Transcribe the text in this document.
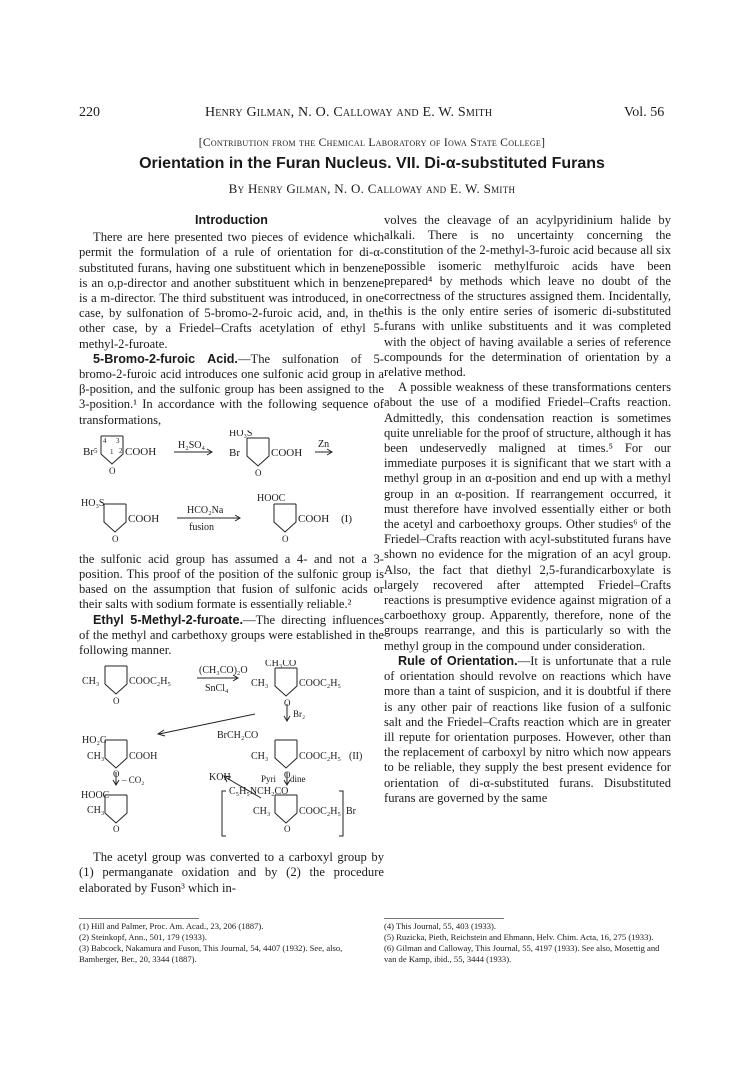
220	Henry Gilman, N. O. Calloway and E. W. Smith	Vol. 56
[Contribution from the Chemical Laboratory of Iowa State College]
Orientation in the Furan Nucleus. VII. Di-α-substituted Furans
By Henry Gilman, N. O. Calloway and E. W. Smith
Introduction

There are here presented two pieces of evidence which permit the formulation of a rule of orientation for di-α-substituted furans, having one substituent which in benzene is an o,p-director and another substituent which in benzene is a m-director. The third substituent was introduced, in one case, by sulfonation of 5-bromo-2-furoic acid, and, in the other case, by a Friedel–Crafts acetylation of ethyl 5-methyl-2-furoate.

5-Bromo-2-furoic Acid.—The sulfonation of 5-bromo-2-furoic acid introduces one sulfonic acid group in a β-position, and the sulfonic group has been assigned to the 3-position.¹ In accordance with the following sequence of transformations,

4 3
5 1 2
Br	COOH
O
H₂SO₄
HO₃S
Br	COOH
O
Zn
HO₃S
COOH
O
HCO₂Na
fusion
HOOC
COOH
O
(I)

the sulfonic acid group has assumed a 4- and not a 3-position. This proof of the position of the sulfonic group is based on the assumption that fusion of sulfonic acids or their salts with sodium formate is essentially reliable.²

Ethyl 5-Methyl-2-furoate.—The directing influences of the methyl and carbethoxy groups were established in the following manner.

CH₃	COOC₂H₅
O
(CH₃CO)₂O
SnCl₄
CH₃CO
CH₃	COOC₂H₅
O
Br₂
HO₂C
CH₃ COOH
O
BrCH₂CO
CH₃	COOC₂H₅ (II)
O
– CO₂	KOH	Pyri dine
C₅H₅NCH₂CO
HOOC
CH₃
O
CH₃	COOC₂H₅ Br
O

The acetyl group was converted to a carboxyl group by (1) permanganate oxidation and by (2) the procedure elaborated by Fuson³ which in-

volves the cleavage of an acylpyridinium halide by alkali. There is no uncertainty concerning the constitution of the 2-methyl-3-furoic acid because all six possible isomeric methylfuroic acids have been prepared⁴ by methods which leave no doubt of the correctness of the structures assigned them. Incidentally, this is the only entire series of isomeric di-substituted furans with unlike substituents and it was completed with the object of having available a series of reference compounds for the determination of orientation by a relative method.

A possible weakness of these transformations centers about the use of a modified Friedel–Crafts reaction. Admittedly, this condensation reaction is sometimes quite unreliable for the proof of structure, although it has been undeservedly maligned at times.⁵ For our immediate purposes it is significant that we start with a methyl group in an α-position and end up with a methyl group in an α-position. If rearrangement occurred, it must therefore have involved essentially either or both the acetyl and carboethoxy groups. Other studies⁶ of the Friedel–Crafts reaction with acyl-substituted furans have shown no evidence for the migration of an acyl group. Also, the fact that diethyl 2,5-furandicarboxylate is largely recovered after attempted Friedel–Crafts reactions is presumptive evidence against migration of a carboethoxy group. Apparently, therefore, none of the groups rearrange, and this is particularly so with the methyl group in the compound under consideration.

Rule of Orientation.—It is unfortunate that a rule of orientation should revolve on reactions which have more than a taint of suspicion, and it is doubtful if there is any other pair of reactions like fusion of a sulfonic salt and the Friedel–Crafts reaction which are in greater ill repute for orientation purposes. However, other than the replacement of carboxyl by nitro which now appears to be reliable, they supply the best present evidence for orientation of di-α-substituted furans. Disubstituted furans are governed by the same

(1) Hill and Palmer, Proc. Am. Acad., 23, 206 (1887).

(2) Steinkopf, Ann., 501, 179 (1933).

(3) Babcock, Nakamura and Fuson, This Journal, 54, 4407 (1932). See, also, Bamberger, Ber., 20, 3344 (1887).

(4) This Journal, 55, 403 (1933).

(5) Ruzicka, Pieth, Reichstein and Ehmann, Helv. Chim. Acta, 16, 275 (1933).

(6) Gilman and Calloway, This Journal, 55, 4197 (1933). See also, Mosettig and van de Kamp, ibid., 55, 3444 (1933).
